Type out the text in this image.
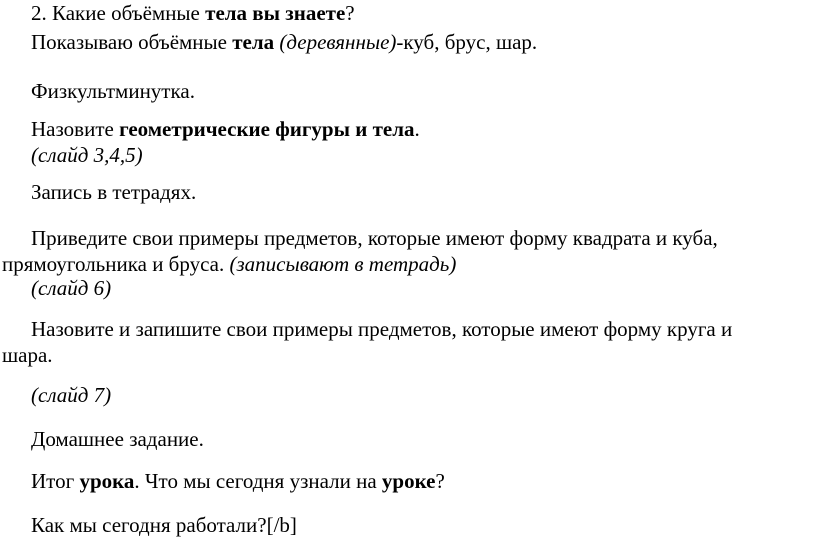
2. Какие объёмные тела вы знаете?
Показываю объёмные тела (деревянные)-куб, брус, шар.
Физкультминутка.
Назовите геометрические фигуры и тела.
(слайд 3,4,5)
Запись в тетрадях.
Приведите свои примеры предметов, которые имеют форму квадрата и куба,
прямоугольника и бруса. (записывают в тетрадь)
(слайд 6)
Назовите и запишите свои примеры предметов, которые имеют форму круга и
шара.
(слайд 7)
Домашнее задание.
Итог урока. Что мы сегодня узнали на уроке?
Как мы сегодня работали?[/b]
